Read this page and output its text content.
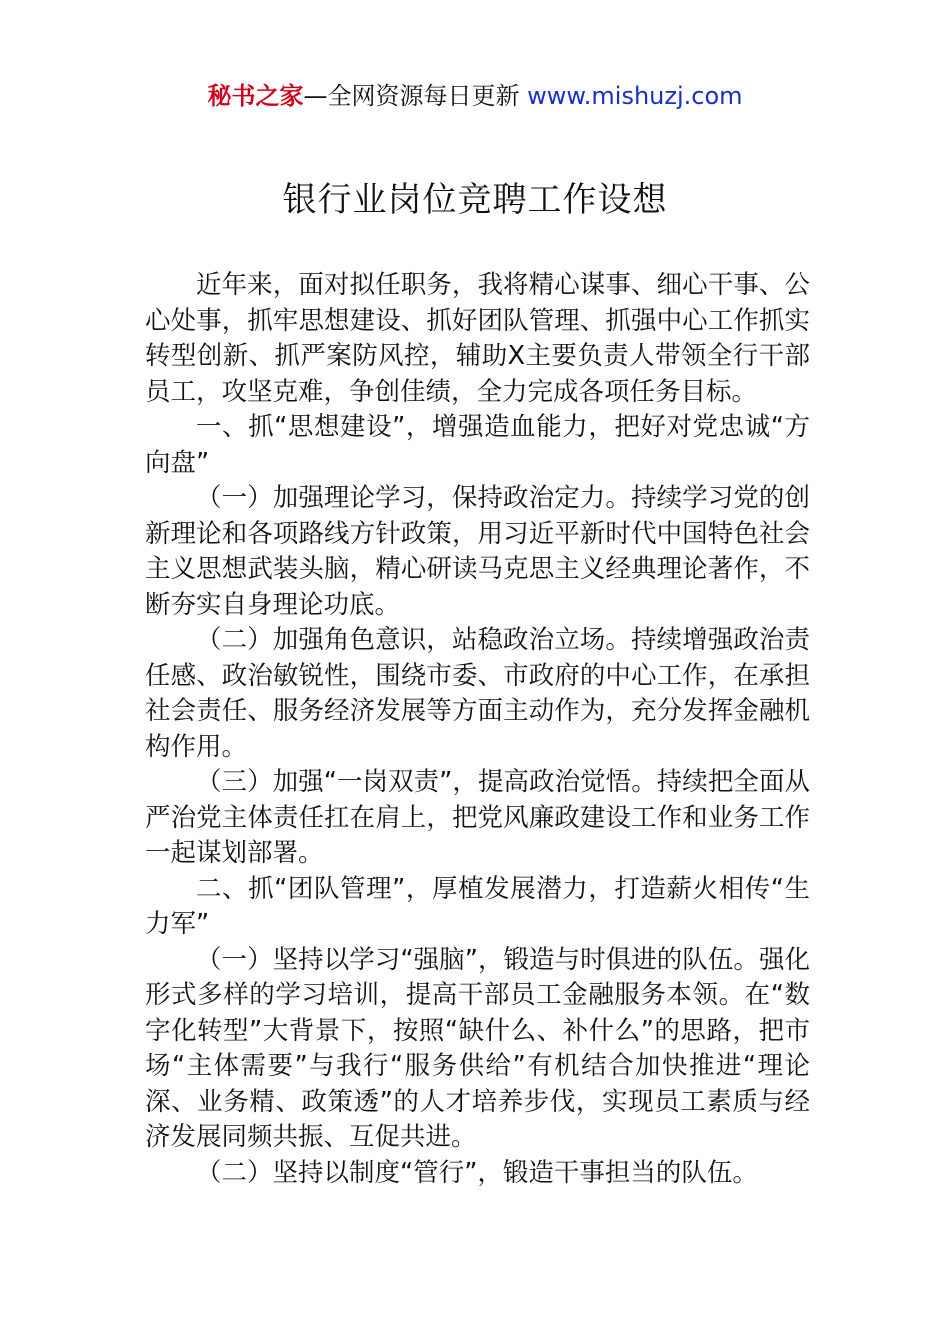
秘书之家—全网资源每日更新 www.mishuzj.com
银行业岗位竞聘工作设想

近年来，面对拟任职务，我将精心谋事、细心干事、公心处事，抓牢思想建设、抓好团队管理、抓强中心工作抓实转型创新、抓严案防风控，辅助X主要负责人带领全行干部员工，攻坚克难，争创佳绩，全力完成各项任务目标。

一、抓“思想建设”，增强造血能力，把好对党忠诚“方向盘”

（一）加强理论学习，保持政治定力。持续学习党的创新理论和各项路线方针政策，用习近平新时代中国特色社会主义思想武装头脑，精心研读马克思主义经典理论著作，不断夯实自身理论功底。

（二）加强角色意识，站稳政治立场。持续增强政治责任感、政治敏锐性，围绕市委、市政府的中心工作，在承担社会责任、服务经济发展等方面主动作为，充分发挥金融机构作用。

（三）加强“一岗双责”，提高政治觉悟。持续把全面从严治党主体责任扛在肩上，把党风廉政建设工作和业务工作一起谋划部署。

二、抓“团队管理”，厚植发展潜力，打造薪火相传“生力军”

（一）坚持以学习“强脑”，锻造与时俱进的队伍。强化形式多样的学习培训，提高干部员工金融服务本领。在“数字化转型”大背景下，按照“缺什么、补什么”的思路，把市场“主体需要”与我行“服务供给”有机结合加快推进“理论深、业务精、政策透”的人才培养步伐，实现员工素质与经济发展同频共振、互促共进。

（二）坚持以制度“管行”，锻造干事担当的队伍。
